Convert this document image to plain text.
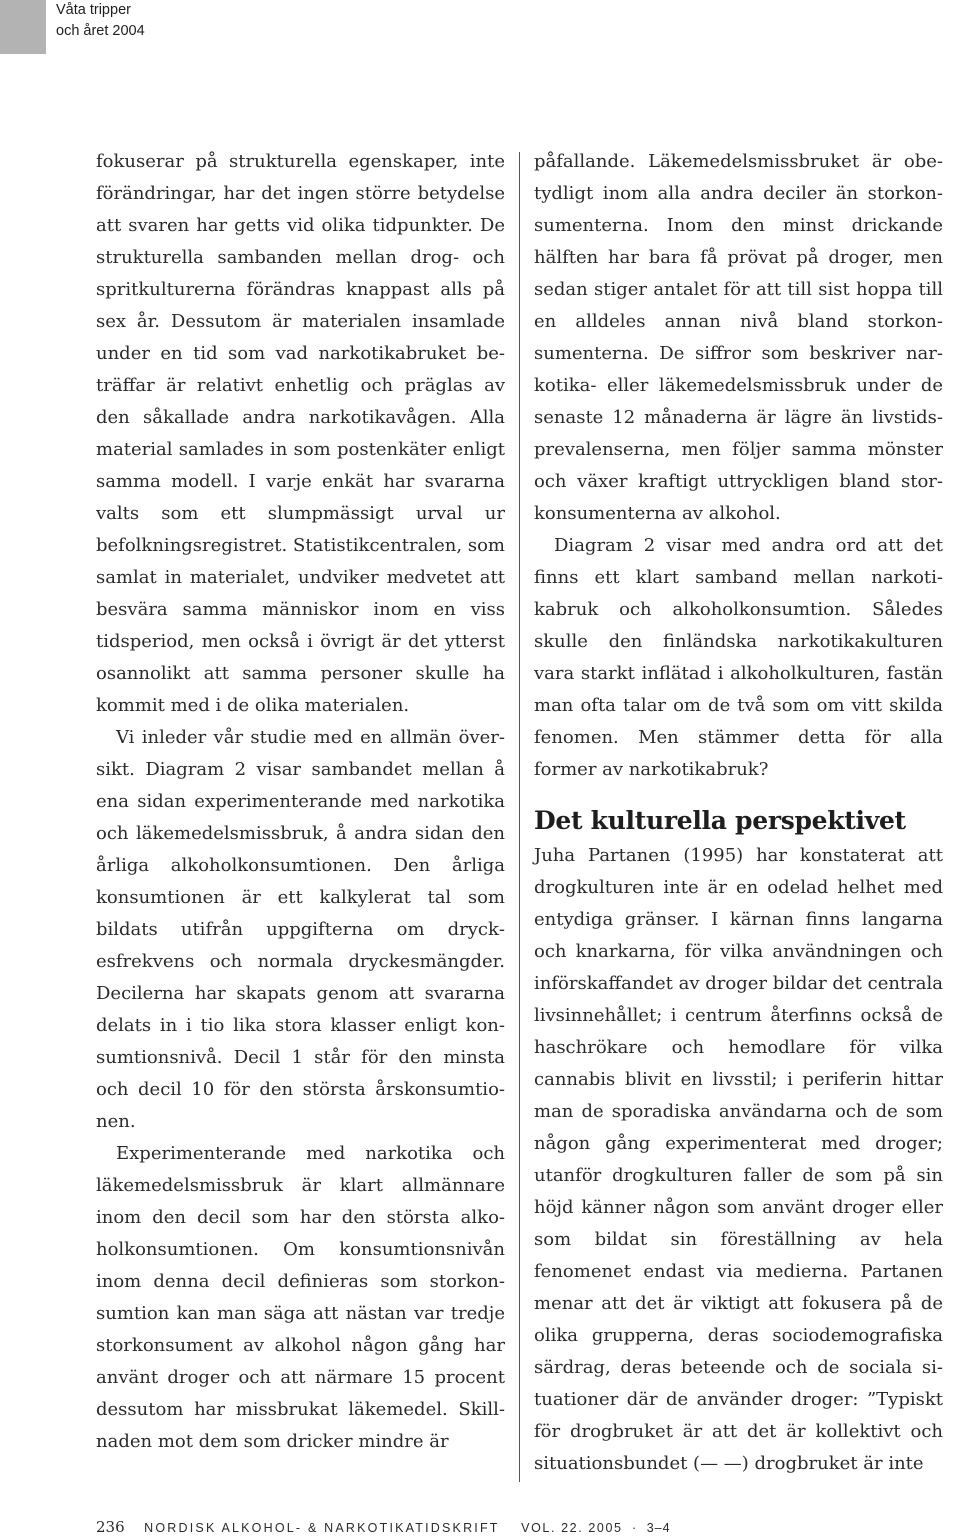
Våta tripper
och året 2004

fokuserar på strukturella egenskaper, inte förändringar, har det ingen större betydelse att svaren har getts vid olika tidpunkter. De strukturella sambanden mellan drog- och spritkulturerna förändras knappast alls på sex år. Dessutom är materialen insamlade under en tid som vad narkotikabruket beträffar är relativt enhetlig och präglas av den såkallade andra narkotikavågen. Alla material samlades in som postenkäter enligt samma modell. I varje enkät har svararna valts som ett slumpmässigt urval ur befolkningsregistret. Statistikcentralen, som samlat in materialet, undviker medvetet att besvära samma människor inom en viss tidsperiod, men också i övrigt är det ytterst osannolikt att samma personer skulle ha kommit med i de olika materialen.

Vi inleder vår studie med en allmän översikt. Diagram 2 visar sambandet mellan å ena sidan experimenterande med narkotika och läkemedelsmissbruk, å andra sidan den årliga alkoholkonsumtionen. Den årliga konsumtionen är ett kalkylerat tal som bildats utifrån uppgifterna om dryckesfrekvens och normala dryckesmängder. Decilerna har skapats genom att svararna delats in i tio lika stora klasser enligt konsumtionsnivå. Decil 1 står för den minsta och decil 10 för den största årskonsumtionen.

Experimenterande med narkotika och läkemedelsmissbruk är klart allmännare inom den decil som har den största alkoholkonsumtionen. Om konsumtionsnivån inom denna decil definieras som storkonsumtion kan man säga att nästan var tredje storkonsument av alkohol någon gång har använt droger och att närmare 15 procent dessutom har missbrukat läkemedel. Skillnaden mot dem som dricker mindre är

påfallande. Läkemedelsmissbruket är obetydligt inom alla andra deciler än storkonsumenterna. Inom den minst drickande hälften har bara få prövat på droger, men sedan stiger antalet för att till sist hoppa till en alldeles annan nivå bland storkonsumenterna. De siffror som beskriver narkotika- eller läkemedelsmissbruk under de senaste 12 månaderna är lägre än livstidsprevalenserna, men följer samma mönster och växer kraftigt uttryckligen bland storkonsumenterna av alkohol.

Diagram 2 visar med andra ord att det finns ett klart samband mellan narkotikabruk och alkoholkonsumtion. Således skulle den finländska narkotikakulturen vara starkt inflätad i alkoholkulturen, fastän man ofta talar om de två som om vitt skilda fenomen. Men stämmer detta för alla former av narkotikabruk?

Det kulturella perspektivet

Juha Partanen (1995) har konstaterat att drogkulturen inte är en odelad helhet med entydiga gränser. I kärnan finns langarna och knarkarna, för vilka användningen och införskaffandet av droger bildar det centrala livsinnehållet; i centrum återfinns också de haschrökare och hemodlare för vilka cannabis blivit en livsstil; i periferin hittar man de sporadiska användarna och de som någon gång experimenterat med droger; utanför drogkulturen faller de som på sin höjd känner någon som använt droger eller som bildat sin föreställning av hela fenomenet endast via medierna. Partanen menar att det är viktigt att fokusera på de olika grupperna, deras sociodemografiska särdrag, deras beteende och de sociala situationer där de använder droger: ”Typiskt för drogbruket är att det är kollektivt och situationsbundet (— —) drogbruket är inte

236 NORDISK ALKOHOL- & NARKOTIKATIDSKRIFT VOL. 22. 2005 · 3–4
